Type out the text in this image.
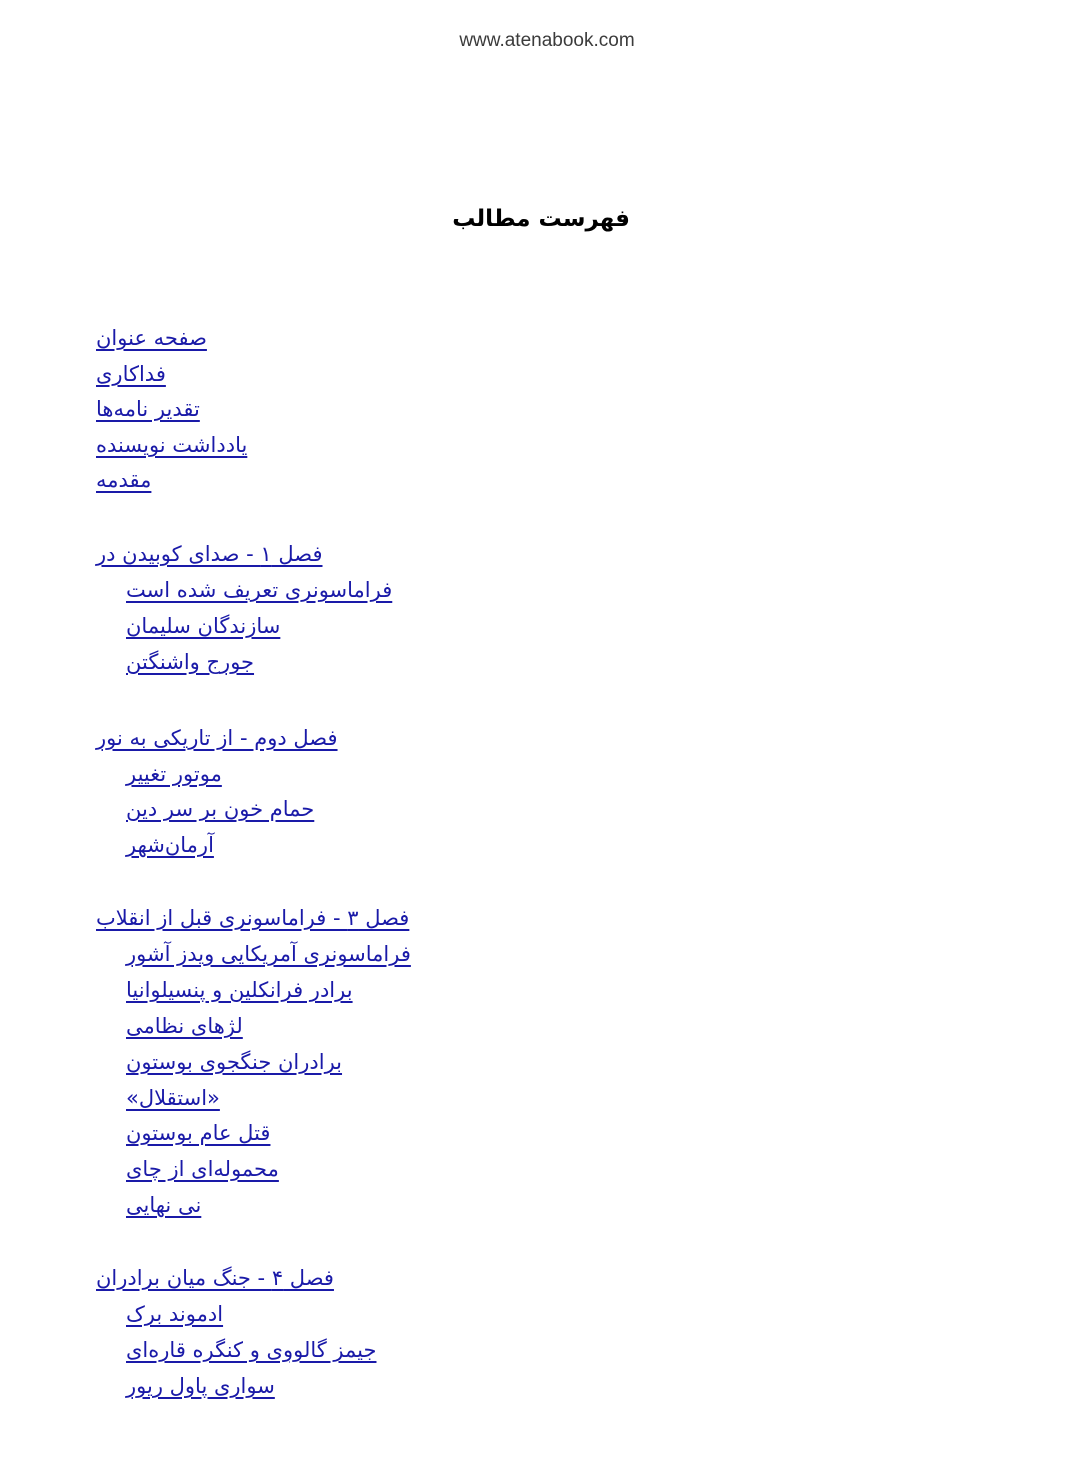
www.atenabook.com
فهرست مطالب
صفحه عنوان
فداکاری
تقدیر نامه‌ها
یادداشت نویسنده
مقدمه
فصل ۱ - صدای کوبیدن در
فراماسونری تعریف شده است
سازندگان سلیمان
جورج واشنگتن
فصل دوم - از تاریکی به نور
موتور تغییر
حمام خون بر سر دین
آرمان‌شهر
فصل ۳ - فراماسونری قبل از انقلاب
فراماسونری آمریکایی ویدز آشور
برادر فرانکلین و پنسیلوانیا
لژهای نظامی
برادران جنگجوی بوستون
«استقلال»
قتل عام بوستون
محموله‌ای از چای
نی نهایی
فصل ۴ - جنگ میان برادران
ادموند برک
جیمز گالووی و کنگره قاره‌ای
سواری پاول ریور
